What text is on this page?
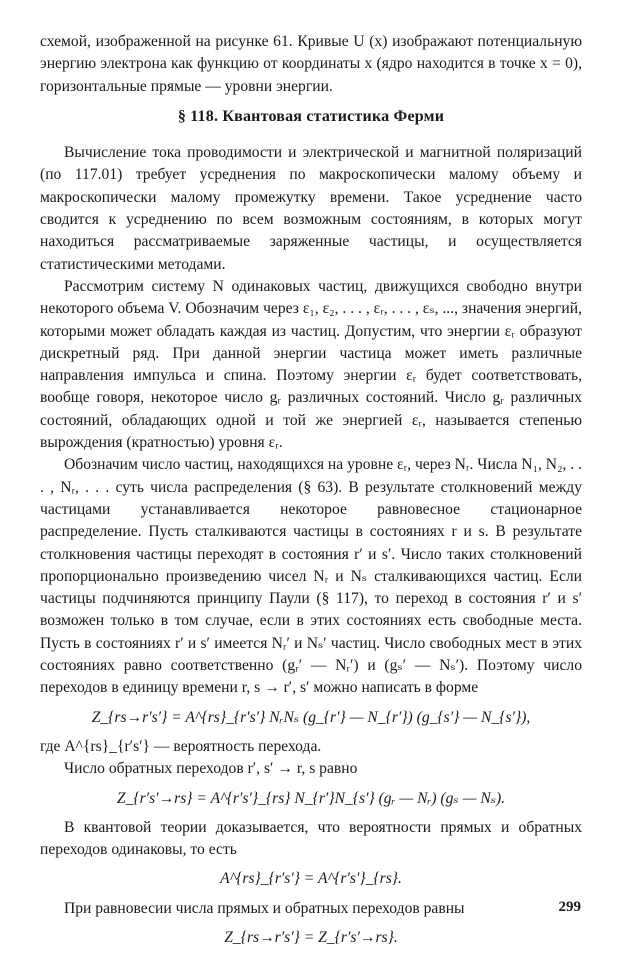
схемой, изображенной на рисунке 61. Кривые U (x) изображают потенциальную энергию электрона как функцию от координаты x (ядро находится в точке x = 0), горизонтальные прямые — уровни энергии.

§ 118. Квантовая статистика Ферми

Вычисление тока проводимости и электрической и магнитной поляризаций (по 117.01) требует усреднения по макроскопически малому объему и макроскопически малому промежутку времени. Такое усреднение часто сводится к усреднению по всем возможным состояниям, в которых могут находиться рассматриваемые заряженные частицы, и осуществляется статистическими методами.

Рассмотрим систему N одинаковых частиц, движущихся свободно внутри некоторого объема V. Обозначим через ε₁, ε₂, . . . , εᵣ, . . . , εₛ, ..., значения энергий, которыми может обладать каждая из частиц. Допустим, что энергии εᵣ образуют дискретный ряд. При данной энергии частица может иметь различные направления импульса и спина. Поэтому энергии εᵣ будет соответствовать, вообще говоря, некоторое число gᵣ различных состояний. Число gᵣ различных состояний, обладающих одной и той же энергией εᵣ, называется степенью вырождения (кратностью) уровня εᵣ.

Обозначим число частиц, находящихся на уровне εᵣ, через Nᵣ. Числа N₁, N₂, . . . , Nᵣ, . . . суть числа распределения (§ 63). В результате столкновений между частицами устанавливается некоторое равновесное стационарное распределение. Пусть сталкиваются частицы в состояниях r и s. В результате столкновения частицы переходят в состояния r′ и s′. Число таких столкновений пропорционально произведению чисел Nᵣ и Nₛ сталкивающихся частиц. Если частицы подчиняются принципу Паули (§ 117), то переход в состояния r′ и s′ возможен только в том случае, если в этих состояниях есть свободные места. Пусть в состояниях r′ и s′ имеется Nᵣ′ и Nₛ′ частиц. Число свободных мест в этих состояниях равно соответственно (gᵣ′ — Nᵣ′) и (gₛ′ — Nₛ′). Поэтому число переходов в единицу времени r, s → r′, s′ можно написать в форме

Z_{rs→r′s′} = A^{rs}_{r′s′} NᵣNₛ (g_{r′} — N_{r′}) (g_{s′} — N_{s′}),

где A^{rs}_{r′s′} — вероятность перехода.

Число обратных переходов r′, s′ → r, s равно

Z_{r′s′→rs} = A^{r′s′}_{rs} N_{r′}N_{s′} (gᵣ — Nᵣ) (gₛ — Nₛ).

В квантовой теории доказывается, что вероятности прямых и обратных переходов одинаковы, то есть

A^{rs}_{r′s′} = A^{r′s′}_{rs}.

При равновесии числа прямых и обратных переходов равны

Z_{rs→r′s′} = Z_{r′s′→rs}.
299
